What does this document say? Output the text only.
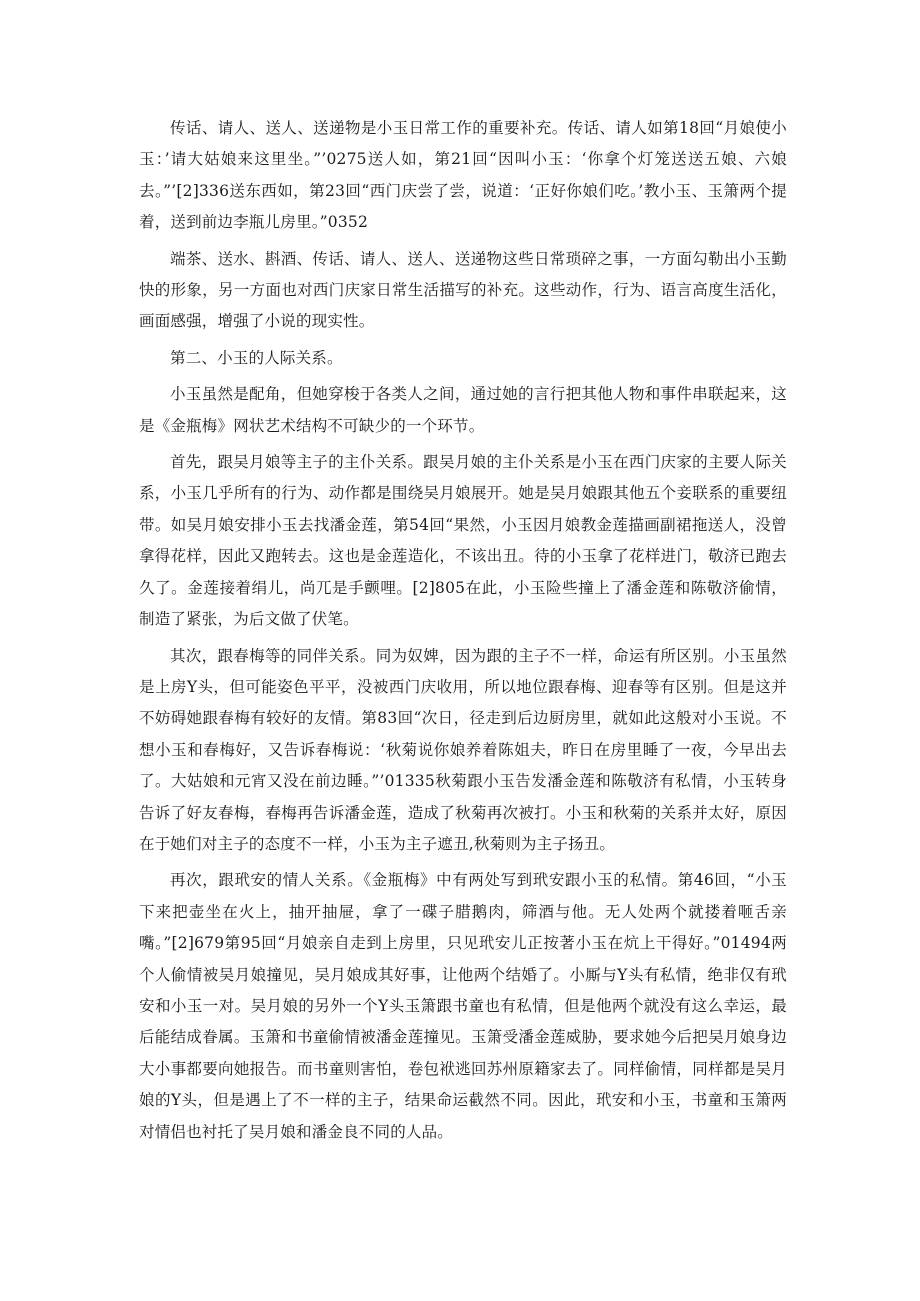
传话、请人、送人、送递物是小玉日常工作的重要补充。传话、请人如第18回“月娘使小玉：’请大姑娘来这里坐。”’0275送人如，第21回“因叫小玉：‘你拿个灯笼送送五娘、六娘去。”’[2]336送东西如，第23回“西门庆尝了尝，说道：‘正好你娘们吃。’教小玉、玉箫两个提着，送到前边李瓶儿房里。”0352

端茶、送水、斟酒、传话、请人、送人、送递物这些日常琐碎之事，一方面勾勒出小玉勤快的形象，另一方面也对西门庆家日常生活描写的补充。这些动作，行为、语言高度生活化，画面感强，增强了小说的现实性。

第二、小玉的人际关系。

小玉虽然是配角，但她穿梭于各类人之间，通过她的言行把其他人物和事件串联起来，这是《金瓶梅》网状艺术结构不可缺少的一个环节。

首先，跟吴月娘等主子的主仆关系。跟吴月娘的主仆关系是小玉在西门庆家的主要人际关系，小玉几乎所有的行为、动作都是围绕吴月娘展开。她是吴月娘跟其他五个妾联系的重要纽带。如吴月娘安排小玉去找潘金莲，第54回“果然，小玉因月娘教金莲描画副裙拖送人，没曾拿得花样，因此又跑转去。这也是金莲造化，不该出丑。待的小玉拿了花样进门，敬济已跑去久了。金莲接着绢儿，尚兀是手颤哩。[2]805在此，小玉险些撞上了潘金莲和陈敬济偷情，制造了紧张，为后文做了伏笔。

其次，跟春梅等的同伴关系。同为奴婢，因为跟的主子不一样，命运有所区别。小玉虽然是上房Y头，但可能姿色平平，没被西门庆收用，所以地位跟春梅、迎春等有区别。但是这并不妨碍她跟春梅有较好的友情。第83回“次日，径走到后边厨房里，就如此这般对小玉说。不想小玉和春梅好，又告诉春梅说：‘秋菊说你娘养着陈姐夫，昨日在房里睡了一夜，今早出去了。大姑娘和元宵又没在前边睡。”’01335秋菊跟小玉告发潘金莲和陈敬济有私情，小玉转身告诉了好友春梅，春梅再告诉潘金莲，造成了秋菊再次被打。小玉和秋菊的关系并太好，原因在于她们对主子的态度不一样，小玉为主子遮丑,秋菊则为主子扬丑。

再次，跟玳安的情人关系。《金瓶梅》中有两处写到玳安跟小玉的私情。第46回，“小玉下来把壶坐在火上，抽开抽屉，拿了一碟子腊鹅肉，筛酒与他。无人处两个就搂着咂舌亲嘴。”[2]679第95回“月娘亲自走到上房里，只见玳安儿正按著小玉在炕上干得好。”01494两个人偷情被吴月娘撞见，吴月娘成其好事，让他两个结婚了。小厮与Y头有私情，绝非仅有玳安和小玉一对。吴月娘的另外一个Y头玉箫跟书童也有私情，但是他两个就没有这么幸运，最后能结成眷属。玉箫和书童偷情被潘金莲撞见。玉箫受潘金莲威胁，要求她今后把吴月娘身边大小事都要向她报告。而书童则害怕，卷包袱逃回苏州原籍家去了。同样偷情，同样都是吴月娘的Y头，但是遇上了不一样的主子，结果命运截然不同。因此，玳安和小玉，书童和玉箫两对情侣也衬托了吴月娘和潘金良不同的人品。
